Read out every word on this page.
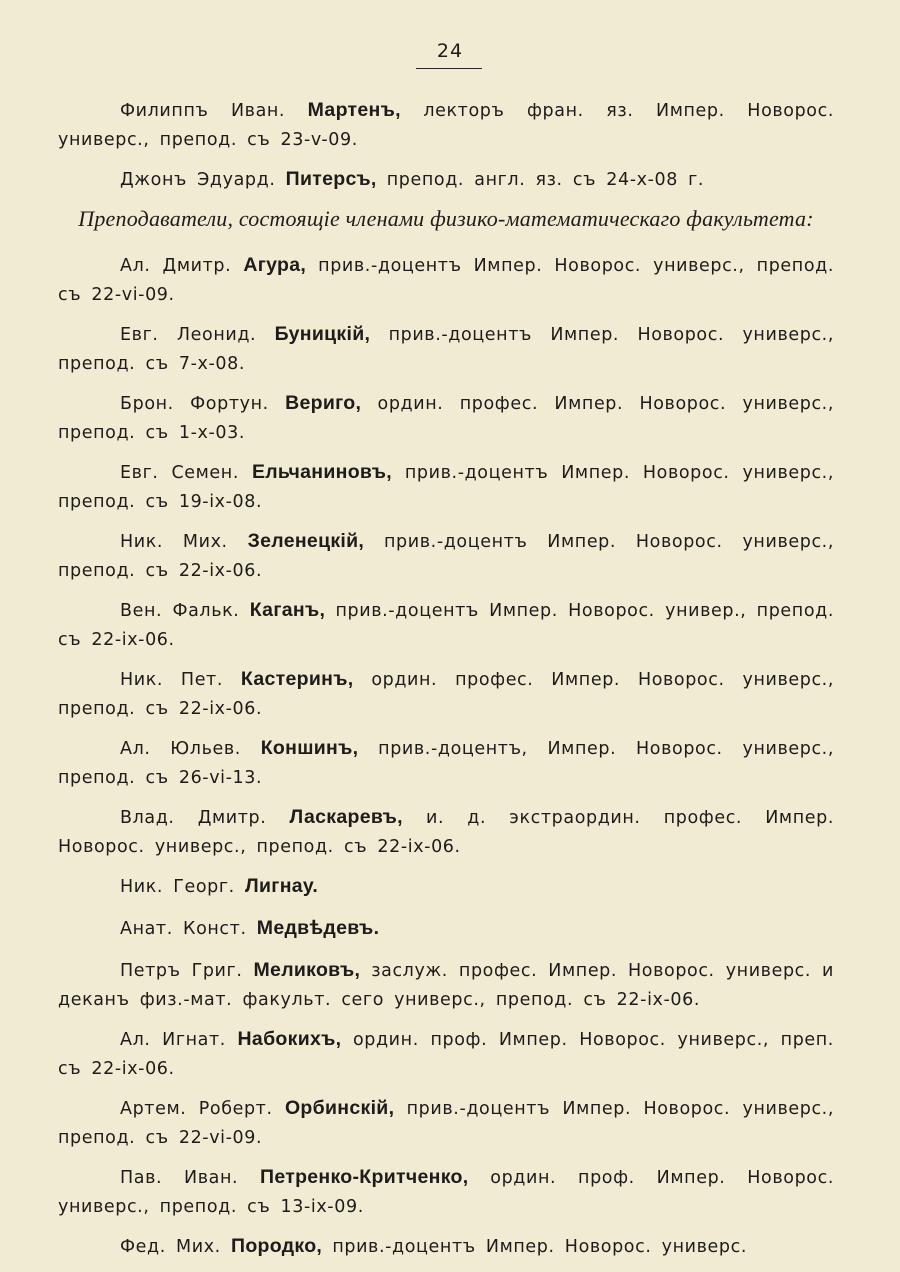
24

Филиппъ Иван. Мартенъ, лекторъ фран. яз. Импер. Новорос. универс., препод. съ 23-v-09.

Джонъ Эдуард. Питерсъ, препод. англ. яз. съ 24-х-08 г.

Преподаватели, состоящіе членами физико-математическаго факультета:

Ал. Дмитр. Агура, прив.-доцентъ Импер. Новорос. универс., препод. съ 22-vi-09.

Евг. Леонид. Буницкій, прив.-доцентъ Импер. Новорос. универс., препод. съ 7-х-08.

Брон. Фортун. Вериго, ордин. профес. Импер. Новорос. универс., препод. съ 1-х-03.

Евг. Семен. Ельчаниновъ, прив.-доцентъ Импер. Новорос. универс., препод. съ 19-ix-08.

Ник. Мих. Зеленецкій, прив.-доцентъ Импер. Новорос. универс., препод. съ 22-ix-06.

Вен. Фальк. Каганъ, прив.-доцентъ Импер. Новорос. универ., препод. съ 22-ix-06.

Ник. Пет. Кастеринъ, ордин. профес. Импер. Новорос. универс., препод. съ 22-ix-06.

Ал. Юльев. Коншинъ, прив.-доцентъ, Импер. Новорос. универс., препод. съ 26-vi-13.

Влад. Дмитр. Ласкаревъ, и. д. экстраордин. профес. Импер. Новорос. универс., препод. съ 22-ix-06.

Ник. Георг. Лигнау.

Анат. Конст. Медвѣдевъ.

Петръ Григ. Меликовъ, заслуж. профес. Импер. Новорос. универс. и деканъ физ.-мат. факульт. сего универс., препод. съ 22-ix-06.

Ал. Игнат. Набокихъ, ордин. проф. Импер. Новорос. универс., преп. съ 22-ix-06.

Артем. Роберт. Орбинскій, прив.-доцентъ Импер. Новорос. универс., препод. съ 22-vi-09.

Пав. Иван. Петренко-Критченко, ордин. проф. Импер. Новорос. универс., препод. съ 13-ix-09.

Фед. Мих. Породко, прив.-доцентъ Импер. Новорос. универс.
